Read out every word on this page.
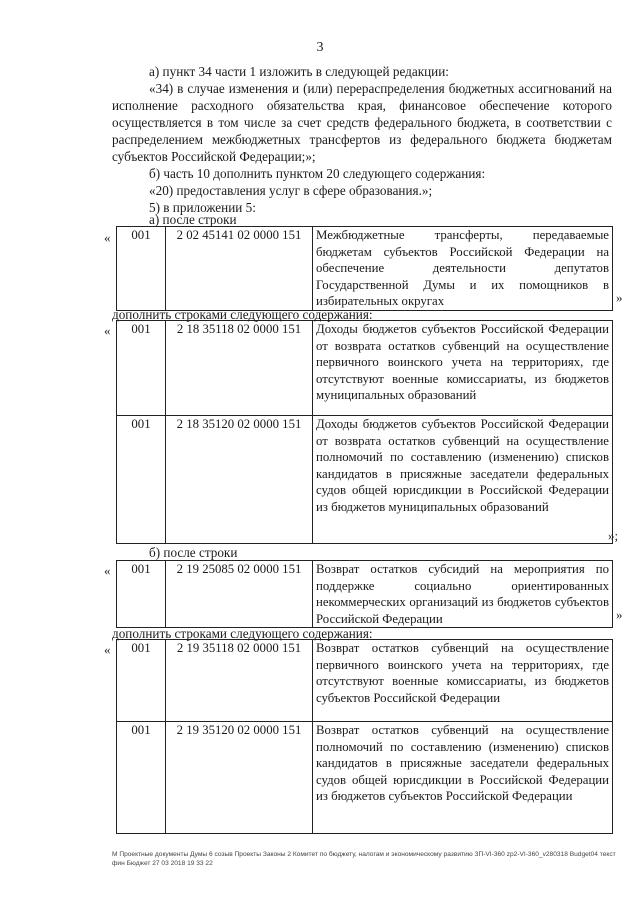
3
а) пункт 34 части 1 изложить в следующей редакции:
«34) в случае изменения и (или) перераспределения бюджетных ассигнований на исполнение расходного обязательства края, финансовое обеспечение которого осуществляется в том числе за счет средств федерального бюджета, в соответствии с распределением межбюджетных трансфертов из федерального бюджета бюджетам субъектов Российской Федерации;»;
б) часть 10 дополнить пунктом 20 следующего содержания:
«20) предоставления услуг в сфере образования.»;
5) в приложении 5:
а) после строки
« 001	2 02 45141 02 0000 151	Межбюджетные трансферты, передаваемые бюджетам субъектов Российской Федерации на обеспечение деятельности депутатов Государственной Думы и их помощников в избирательных округах	»
дополнить строками следующего содержания:
« 001	2 18 35118 02 0000 151	Доходы бюджетов субъектов Российской Федерации от возврата остатков субвенций на осуществление первичного воинского учета на территориях, где отсутствуют военные комиссариаты, из бюджетов муниципальных образований
001	2 18 35120 02 0000 151	Доходы бюджетов субъектов Российской Федерации от возврата остатков субвенций на осуществление полномочий по составлению (изменению) списков кандидатов в присяжные заседатели федеральных судов общей юрисдикции в Российской Федерации из бюджетов муниципальных образований
»;
б) после строки
« 001	2 19 25085 02 0000 151	Возврат остатков субсидий на мероприятия по поддержке социально ориентированных некоммерческих организаций из бюджетов субъектов Российской Федерации	»
дополнить строками следующего содержания:
« 001	2 19 35118 02 0000 151	Возврат остатков субвенций на осуществление первичного воинского учета на территориях, где отсутствуют военные комиссариаты, из бюджетов субъектов Российской Федерации
001	2 19 35120 02 0000 151	Возврат остатков субвенций на осуществление полномочий по составлению (изменению) списков кандидатов в присяжные заседатели федеральных судов общей юрисдикции в Российской Федерации из бюджетов субъектов Российской Федерации
М Проектные документы Думы 6 созыв Проекты Законы 2 Комитет по бюджету, налогам и экономическому развитию ЗП-VI-360 zp2-VI-360_v280318 Budget04 текст фин Бюджет 27 03 2018 19 33 22
